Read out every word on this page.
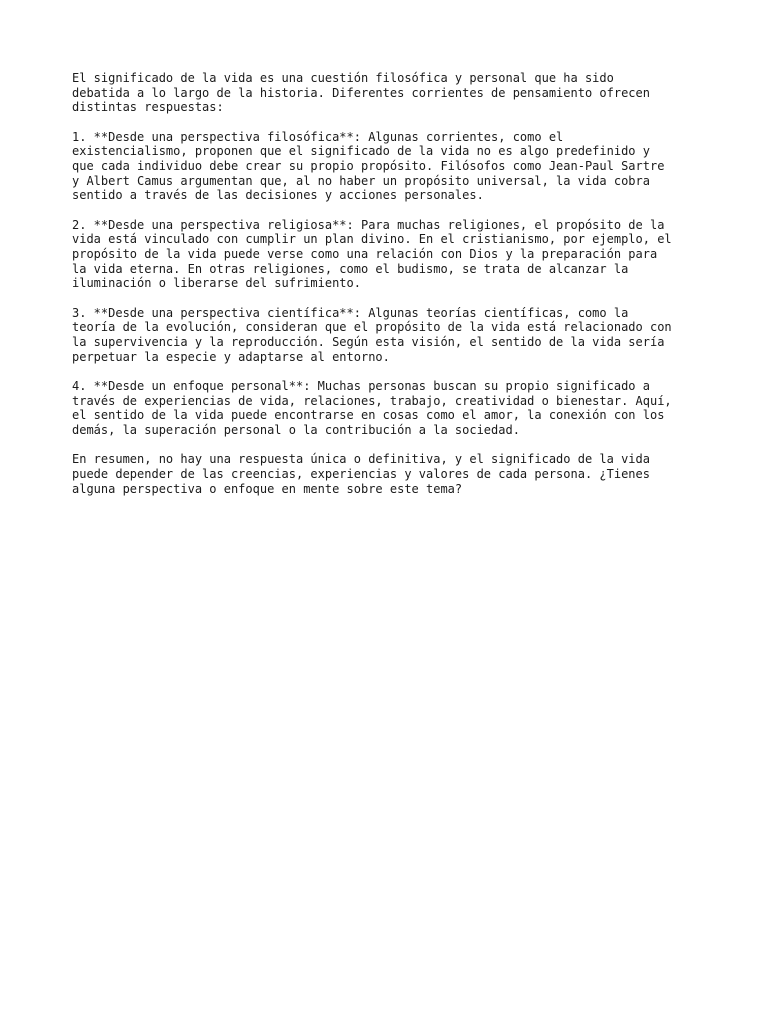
El significado de la vida es una cuestión filosófica y personal que ha sido
debatida a lo largo de la historia. Diferentes corrientes de pensamiento ofrecen
distintas respuestas:

1. **Desde una perspectiva filosófica**: Algunas corrientes, como el
existencialismo, proponen que el significado de la vida no es algo predefinido y
que cada individuo debe crear su propio propósito. Filósofos como Jean-Paul Sartre
y Albert Camus argumentan que, al no haber un propósito universal, la vida cobra
sentido a través de las decisiones y acciones personales.

2. **Desde una perspectiva religiosa**: Para muchas religiones, el propósito de la
vida está vinculado con cumplir un plan divino. En el cristianismo, por ejemplo, el
propósito de la vida puede verse como una relación con Dios y la preparación para
la vida eterna. En otras religiones, como el budismo, se trata de alcanzar la
iluminación o liberarse del sufrimiento.

3. **Desde una perspectiva científica**: Algunas teorías científicas, como la
teoría de la evolución, consideran que el propósito de la vida está relacionado con
la supervivencia y la reproducción. Según esta visión, el sentido de la vida sería
perpetuar la especie y adaptarse al entorno.

4. **Desde un enfoque personal**: Muchas personas buscan su propio significado a
través de experiencias de vida, relaciones, trabajo, creatividad o bienestar. Aquí,
el sentido de la vida puede encontrarse en cosas como el amor, la conexión con los
demás, la superación personal o la contribución a la sociedad.

En resumen, no hay una respuesta única o definitiva, y el significado de la vida
puede depender de las creencias, experiencias y valores de cada persona. ¿Tienes
alguna perspectiva o enfoque en mente sobre este tema?
